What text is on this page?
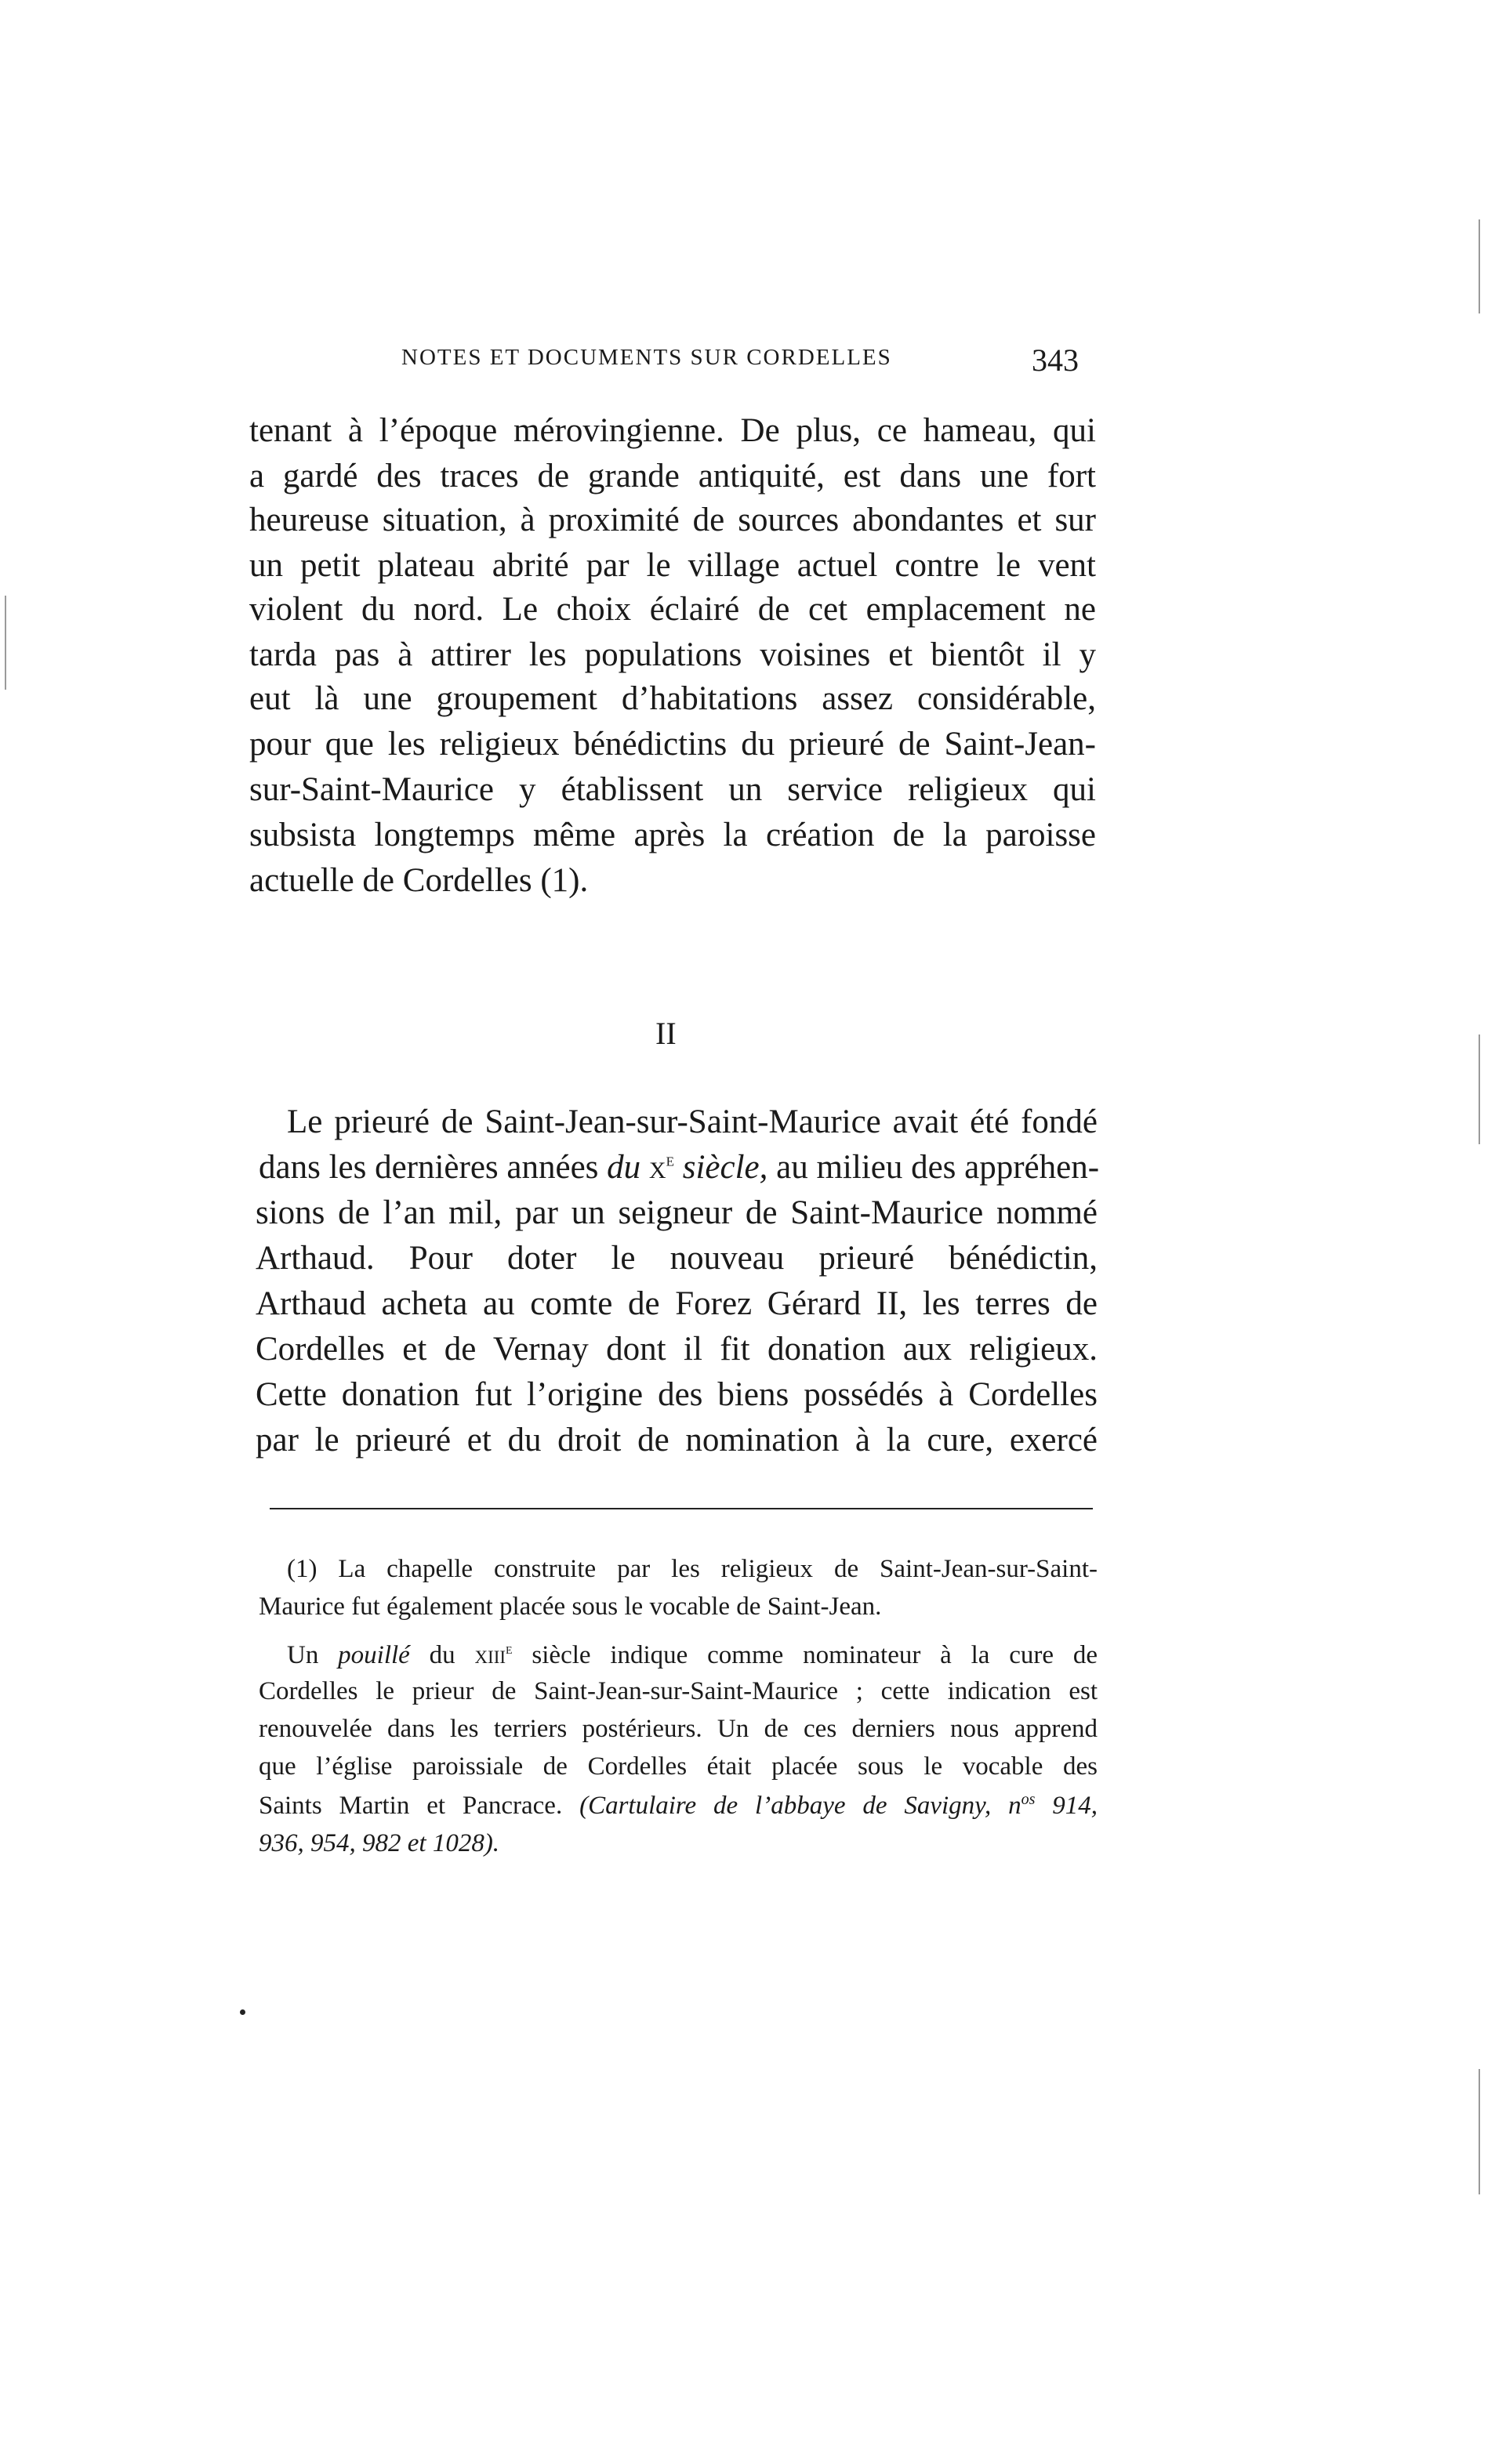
NOTES ET DOCUMENTS SUR CORDELLES	343
tenant à l’époque mérovingienne. De plus, ce hameau, qui
a gardé des traces de grande antiquité, est dans une fort
heureuse situation, à proximité de sources abondantes et sur
un petit plateau abrité par le village actuel contre le vent
violent du nord. Le choix éclairé de cet emplacement ne
tarda pas à attirer les populations voisines et bientôt il y
eut là une groupement d’habitations assez considérable,
pour que les religieux bénédictins du prieuré de Saint-Jean-
sur-Saint-Maurice y établissent un service religieux qui
subsista longtemps même après la création de la paroisse
actuelle de Cordelles (1).
II
Le prieuré de Saint-Jean-sur-Saint-Maurice avait été fondé
dans les dernières années du $x^e$ siècle, au milieu des appréhen-
sions de l’an mil, par un seigneur de Saint-Maurice nommé
Arthaud. Pour doter le nouveau prieuré bénédictin,
Arthaud acheta au comte de Forez Gérard II, les terres de
Cordelles et de Vernay dont il fit donation aux religieux.
Cette donation fut l’origine des biens possédés à Cordelles
par le prieuré et du droit de nomination à la cure, exercé
(1) La chapelle construite par les religieux de Saint-Jean-sur-Saint-
Maurice fut également placée sous le vocable de Saint-Jean.
Un pouillé du xiii$^e$ siècle indique comme nominateur à la cure de
Cordelles le prieur de Saint-Jean-sur-Saint-Maurice ; cette indication est
renouvelée dans les terriers postérieurs. Un de ces derniers nous apprend
que l’église paroissiale de Cordelles était placée sous le vocable des
Saints Martin et Pancrace. (Cartulaire de l’abbaye de Savigny, $n^{os}$ 914,
936, 954, 982 et 1028).
